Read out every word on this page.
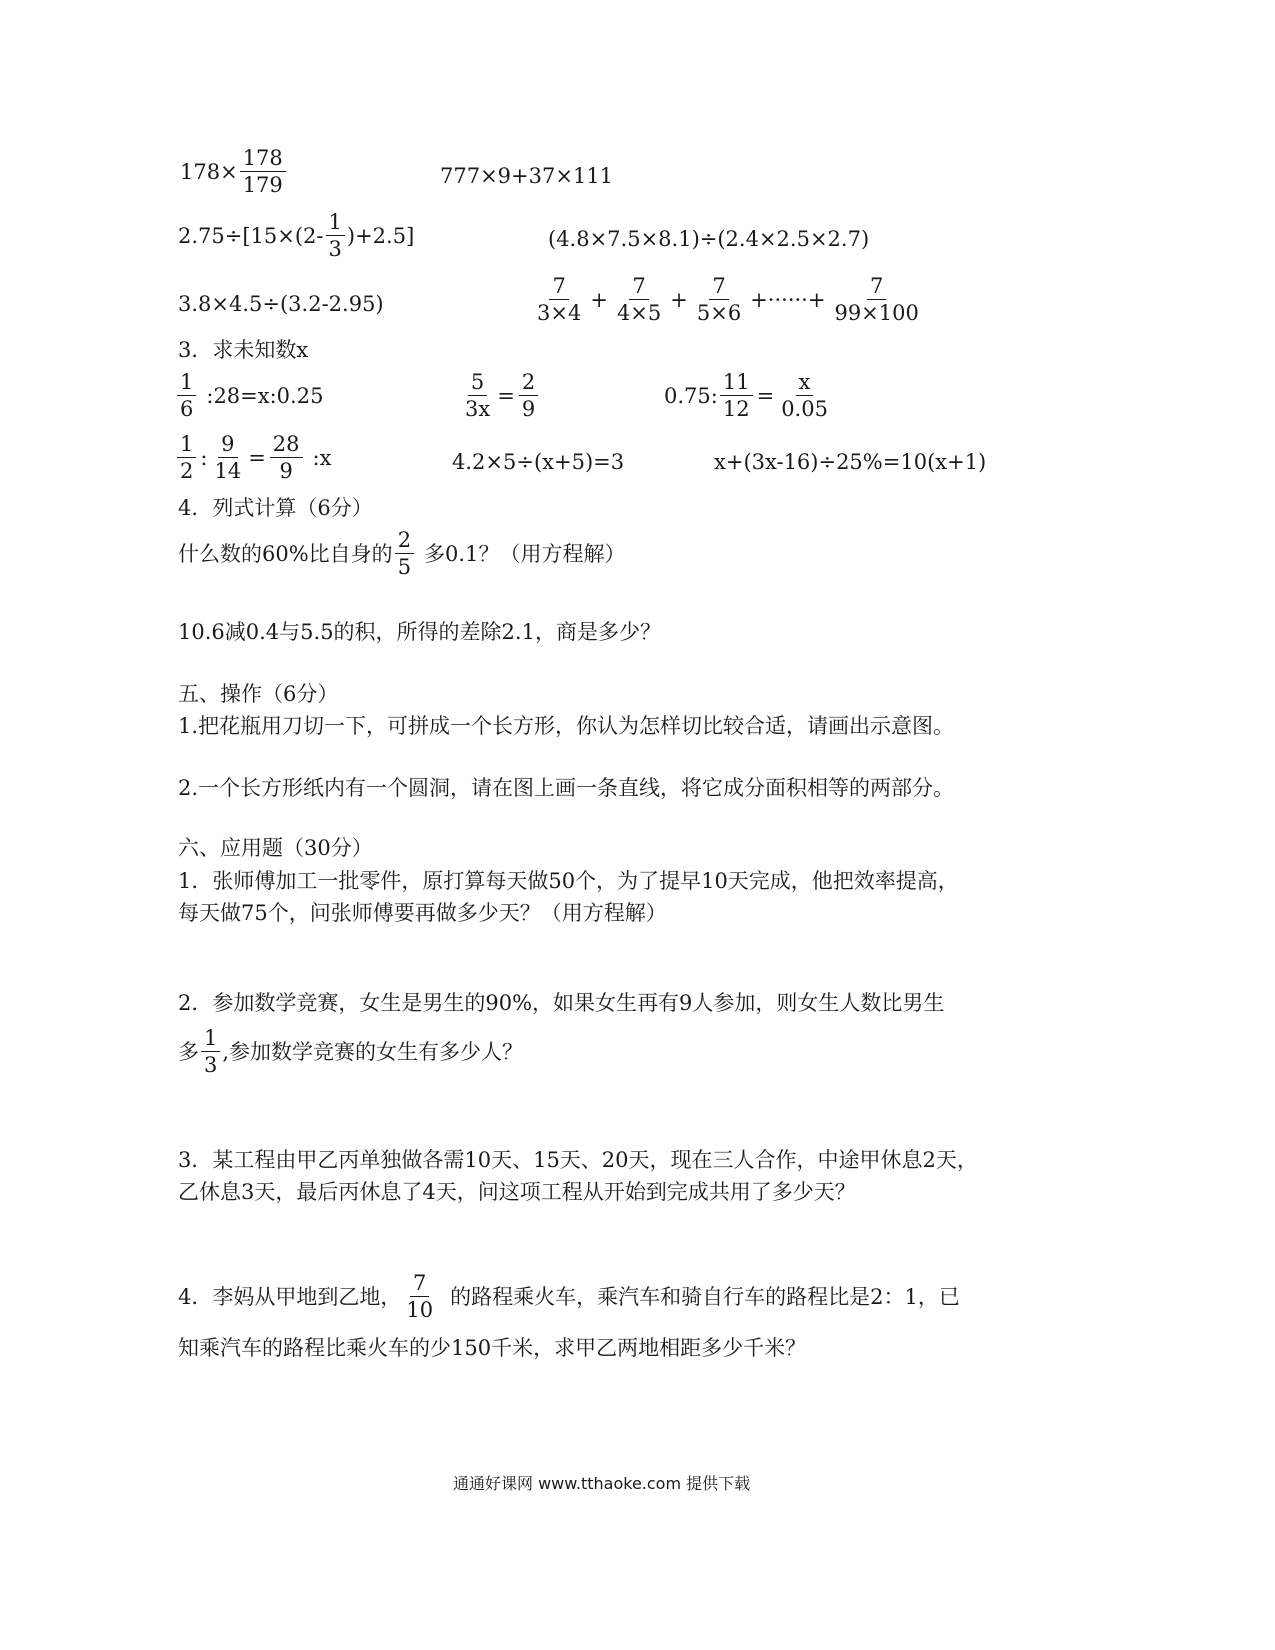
$178\times \frac{178}{179}$	777×9+37×111
$2.75\div[15\times(2- \frac{1}{3} )+2.5]$	(4.8×7.5×8.1)÷(2.4×2.5×2.7)
3.8×4.5÷(3.2-2.95)	$\frac{7}{3\times 4} + \frac{7}{4\times 5} + \frac{7}{5\times 6}$ +······+ $\frac{7}{99\times 100}$
3．求未知数x
$\frac{1}{6}$ :28=x:0.25	$\frac{5}{3x} = \frac{2}{9}$	0.75: $\frac{11}{12} = \frac{x}{0.05}$
$\frac{1}{2}$ : $\frac{9}{14} = \frac{28}{9}$ :x	4.2×5÷(x+5)=3	x+(3x-16)÷25%=10(x+1)
4．列式计算（6分）
什么数的60%比自身的 $\frac{2}{5}$ 多0.1？（用方程解）
10.6减0.4与5.5的积，所得的差除2.1，商是多少？
五、操作（6分）
1.把花瓶用刀切一下，可拼成一个长方形，你认为怎样切比较合适，请画出示意图。
2.一个长方形纸内有一个圆洞，请在图上画一条直线，将它成分面积相等的两部分。
六、应用题（30分）
1．张师傅加工一批零件，原打算每天做50个，为了提早10天完成，他把效率提高，
每天做75个，问张师傅要再做多少天？（用方程解）
2．参加数学竞赛，女生是男生的90%，如果女生再有9人参加，则女生人数比男生
多 $\frac{1}{3}$ ,参加数学竞赛的女生有多少人？
3．某工程由甲乙丙单独做各需10天、15天、20天，现在三人合作，中途甲休息2天，
乙休息3天，最后丙休息了4天，问这项工程从开始到完成共用了多少天？
4．李妈从甲地到乙地， $\frac{7}{10}$ 的路程乘火车，乘汽车和骑自行车的路程比是2：1，已
知乘汽车的路程比乘火车的少150千米，求甲乙两地相距多少千米？
通通好课网 www.tthaoke.com 提供下载
